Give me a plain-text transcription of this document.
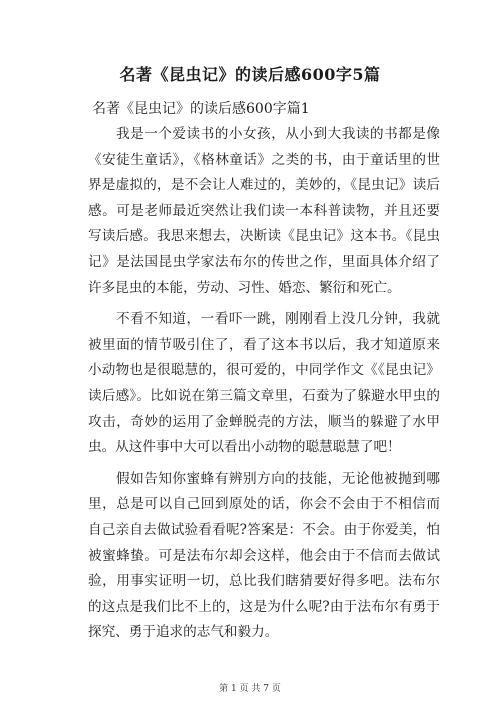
名著《昆虫记》的读后感600字5篇
名著《昆虫记》的读后感600字篇1

我是一个爱读书的小女孩，从小到大我读的书都是像《安徒生童话》，《格林童话》之类的书，由于童话里的世界是虚拟的，是不会让人难过的，美妙的，《昆虫记》读后感。可是老师最近突然让我们读一本科普读物，并且还要写读后感。我思来想去，决断读《昆虫记》这本书。《昆虫记》是法国昆虫学家法布尔的传世之作，里面具体介绍了许多昆虫的本能，劳动、习性、婚恋、繁衍和死亡。

不看不知道，一看吓一跳，刚刚看上没几分钟，我就被里面的情节吸引住了，看了这本书以后，我才知道原来小动物也是很聪慧的，很可爱的，中同学作文《《昆虫记》读后感》。比如说在第三篇文章里，石蚕为了躲避水甲虫的攻击，奇妙的运用了金蝉脱壳的方法，顺当的躲避了水甲虫。从这件事中大可以看出小动物的聪慧聪慧了吧！

假如告知你蜜蜂有辨别方向的技能，无论他被抛到哪里，总是可以自己回到原处的话，你会不会由于不相信而自己亲自去做试验看看呢?答案是：不会。由于你爱美，怕被蜜蜂蛰。可是法布尔却会这样，他会由于不信而去做试验，用事实证明一切，总比我们瞎猜要好得多吧。法布尔的这点是我们比不上的，这是为什么呢?由于法布尔有勇于探究、勇于追求的志气和毅力。

第 1 页 共 7 页
